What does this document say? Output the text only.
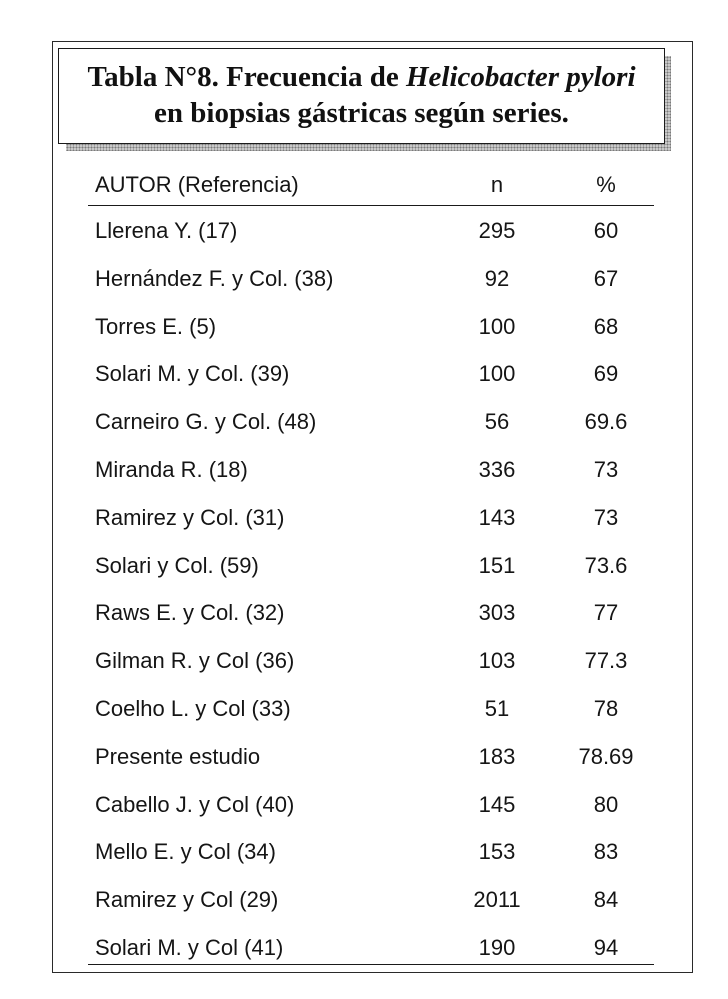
Tabla N°8. Frecuencia de Helicobacter pylori
en biopsias gástricas según series.
AUTOR (Referencia)	n	%
Llerena Y. (17)	295	60
Hernández F. y Col. (38)	92	67
Torres E. (5)	100	68
Solari M. y Col. (39)	100	69
Carneiro G. y Col. (48)	56	69.6
Miranda R. (18)	336	73
Ramirez y Col. (31)	143	73
Solari y Col. (59)	151	73.6
Raws E. y Col. (32)	303	77
Gilman R. y Col (36)	103	77.3
Coelho L. y Col (33)	51	78
Presente estudio	183	78.69
Cabello J. y Col (40)	145	80
Mello E. y Col (34)	153	83
Ramirez y Col (29)	2011	84
Solari M. y Col (41)	190	94
